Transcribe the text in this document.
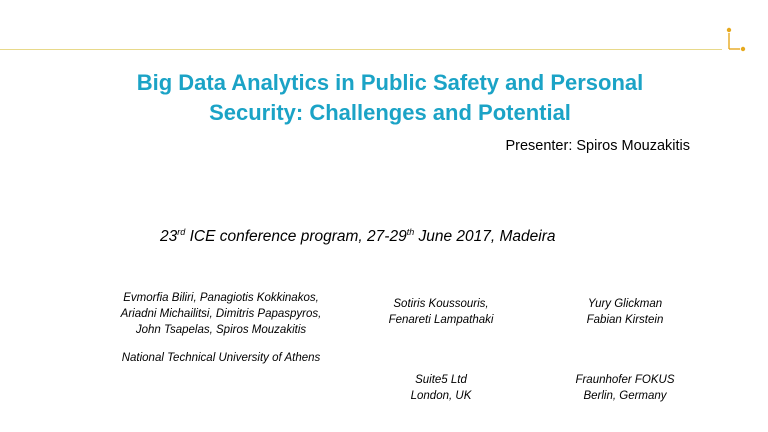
Big Data Analytics in Public Safety and Personal
Security: Challenges and Potential
Presenter: Spiros Mouzakitis
23rd ICE conference program, 27-29th June 2017, Madeira
Evmorfia Biliri, Panagiotis Kokkinakos,
Ariadni Michailitsi, Dimitris Papaspyros,
John Tsapelas, Spiros Mouzakitis
National Technical University of Athens
Sotiris Koussouris,
Fenareti Lampathaki
Suite5 Ltd
London, UK
Yury Glickman
Fabian Kirstein
Fraunhofer FOKUS
Berlin, Germany
